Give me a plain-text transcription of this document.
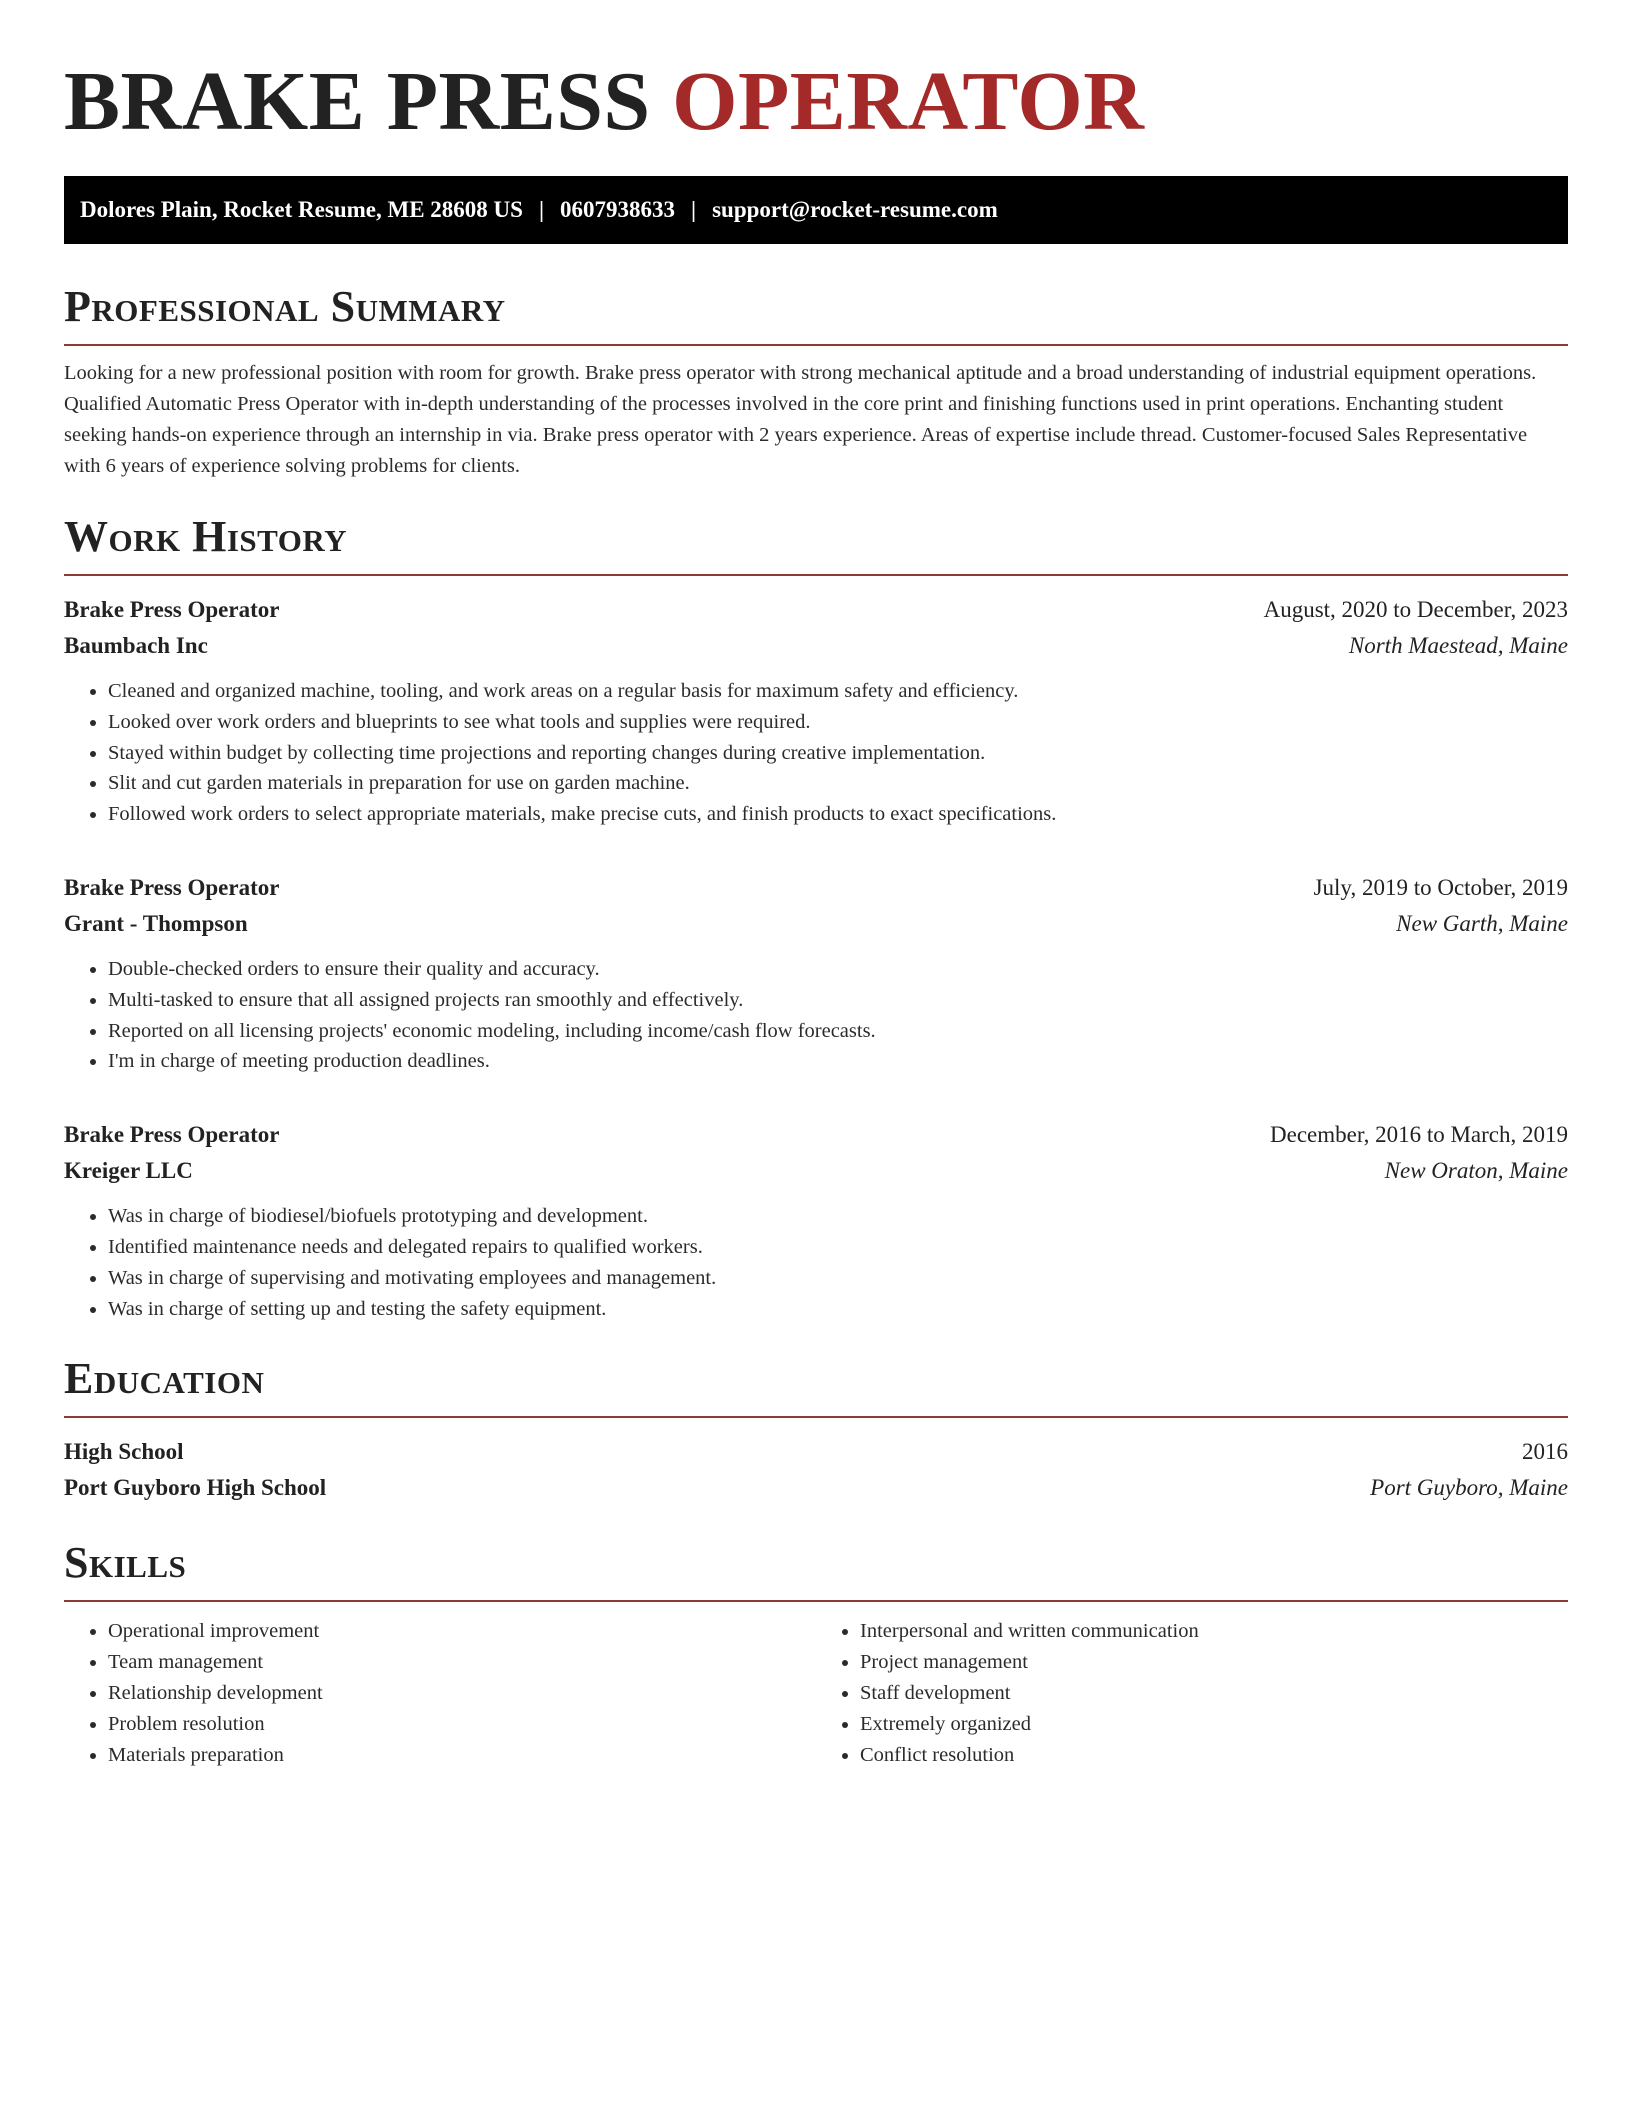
BRAKE PRESS OPERATOR
Dolores Plain, Rocket Resume, ME 28608 US | 0607938633 | support@rocket-resume.com
Professional Summary

Looking for a new professional position with room for growth. Brake press operator with strong mechanical aptitude and a broad understanding of industrial equipment operations. Qualified Automatic Press Operator with in-depth understanding of the processes involved in the core print and finishing functions used in print operations. Enchanting student seeking hands-on experience through an internship in via. Brake press operator with 2 years experience. Areas of expertise include thread. Customer-focused Sales Representative with 6 years of experience solving problems for clients.

Work History
Brake Press Operator	August, 2020 to December, 2023
Baumbach Inc	North Maestead, Maine
• Cleaned and organized machine, tooling, and work areas on a regular basis for maximum safety and efficiency.
• Looked over work orders and blueprints to see what tools and supplies were required.
• Stayed within budget by collecting time projections and reporting changes during creative implementation.
• Slit and cut garden materials in preparation for use on garden machine.
• Followed work orders to select appropriate materials, make precise cuts, and finish products to exact specifications.
Brake Press Operator	July, 2019 to October, 2019
Grant - Thompson	New Garth, Maine
• Double-checked orders to ensure their quality and accuracy.
• Multi-tasked to ensure that all assigned projects ran smoothly and effectively.
• Reported on all licensing projects' economic modeling, including income/cash flow forecasts.
• I'm in charge of meeting production deadlines.
Brake Press Operator	December, 2016 to March, 2019
Kreiger LLC	New Oraton, Maine
• Was in charge of biodiesel/biofuels prototyping and development.
• Identified maintenance needs and delegated repairs to qualified workers.
• Was in charge of supervising and motivating employees and management.
• Was in charge of setting up and testing the safety equipment.
Education
High School	2016
Port Guyboro High School	Port Guyboro, Maine
Skills
• Operational improvement
• Team management
• Relationship development
• Problem resolution
• Materials preparation
• Interpersonal and written communication
• Project management
• Staff development
• Extremely organized
• Conflict resolution
